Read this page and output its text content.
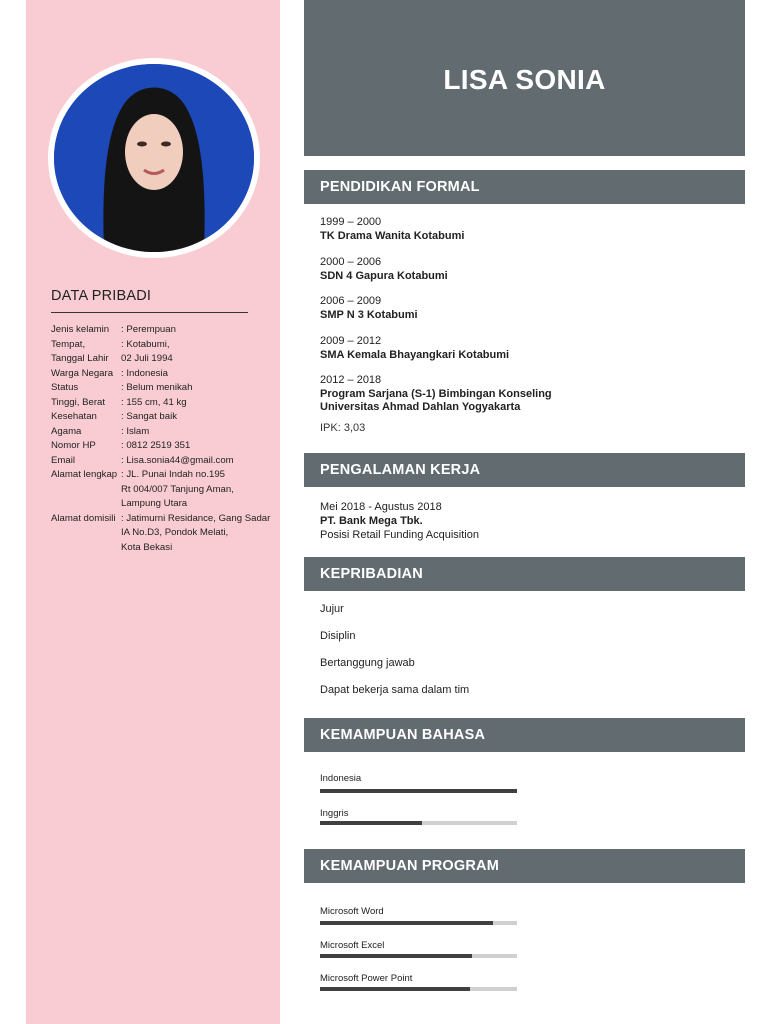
DATA PRIBADI
Jenis kelamin	: Perempuan
Tempat,	: Kotabumi,
Tanggal Lahir	02 Juli 1994
Warga Negara : Indonesia
Status	: Belum menikah
Tinggi, Berat	: 155 cm, 41 kg
Kesehatan	: Sangat baik
Agama	: Islam
Nomor HP	: 0812 2519 351
Email	: Lisa.sonia44@gmail.com
Alamat lengkap : JL. Punai Indah no.195
Rt 004/007 Tanjung Aman,
Lampung Utara
Alamat domisili : Jatimurni Residance, Gang Sadar
IA No.D3, Pondok Melati,
Kota Bekasi
LISA SONIA
PENDIDIKAN FORMAL
1999 – 2000
TK Drama Wanita Kotabumi
2000 – 2006
SDN 4 Gapura Kotabumi
2006 – 2009
SMP N 3 Kotabumi
2009 – 2012
SMA Kemala Bhayangkari Kotabumi
2012 – 2018
Program Sarjana (S-1) Bimbingan Konseling
Universitas Ahmad Dahlan Yogyakarta
IPK: 3,03
PENGALAMAN KERJA
Mei 2018 - Agustus 2018
PT. Bank Mega Tbk.
Posisi Retail Funding Acquisition
KEPRIBADIAN
Jujur
Disiplin
Bertanggung jawab
Dapat bekerja sama dalam tim
KEMAMPUAN BAHASA
Indonesia
Inggris
KEMAMPUAN PROGRAM
Microsoft Word
Microsoft Excel
Microsoft Power Point
